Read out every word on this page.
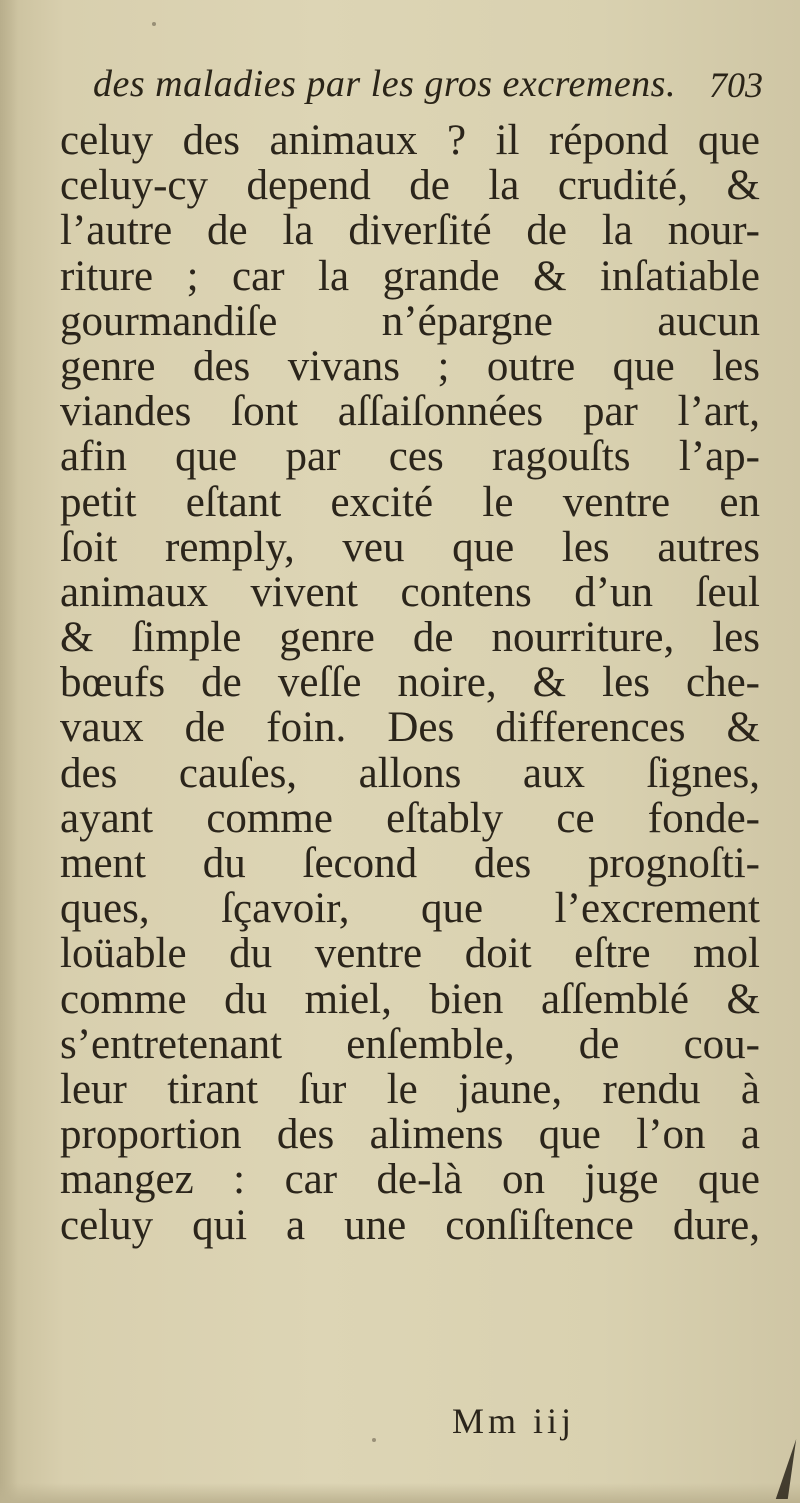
des maladies par les gros excremens. 703
celuy des animaux ? il répond que
celuy-cy depend de la crudité, &
l’autre de la diverſité de la nour-
riture ; car la grande & inſatiable
gourmandiſe n’épargne aucun
genre des vivans ; outre que les
viandes ſont aſſaiſonnées par l’art,
afin que par ces ragouſts l’ap-
petit eſtant excité le ventre en
ſoit remply, veu que les autres
animaux vivent contens d’un ſeul
& ſimple genre de nourriture, les
bœufs de veſſe noire, & les che-
vaux de foin. Des differences &
des cauſes, allons aux ſignes,
ayant comme eſtably ce fonde-
ment du ſecond des prognoſti-
ques, ſçavoir, que l’excrement
loüable du ventre doit eſtre mol
comme du miel, bien aſſemblé &
s’entretenant enſemble, de cou-
leur tirant ſur le jaune, rendu à
proportion des alimens que l’on a
mangez : car de-là on juge que
celuy qui a une conſiſtence dure,
Mm iij
